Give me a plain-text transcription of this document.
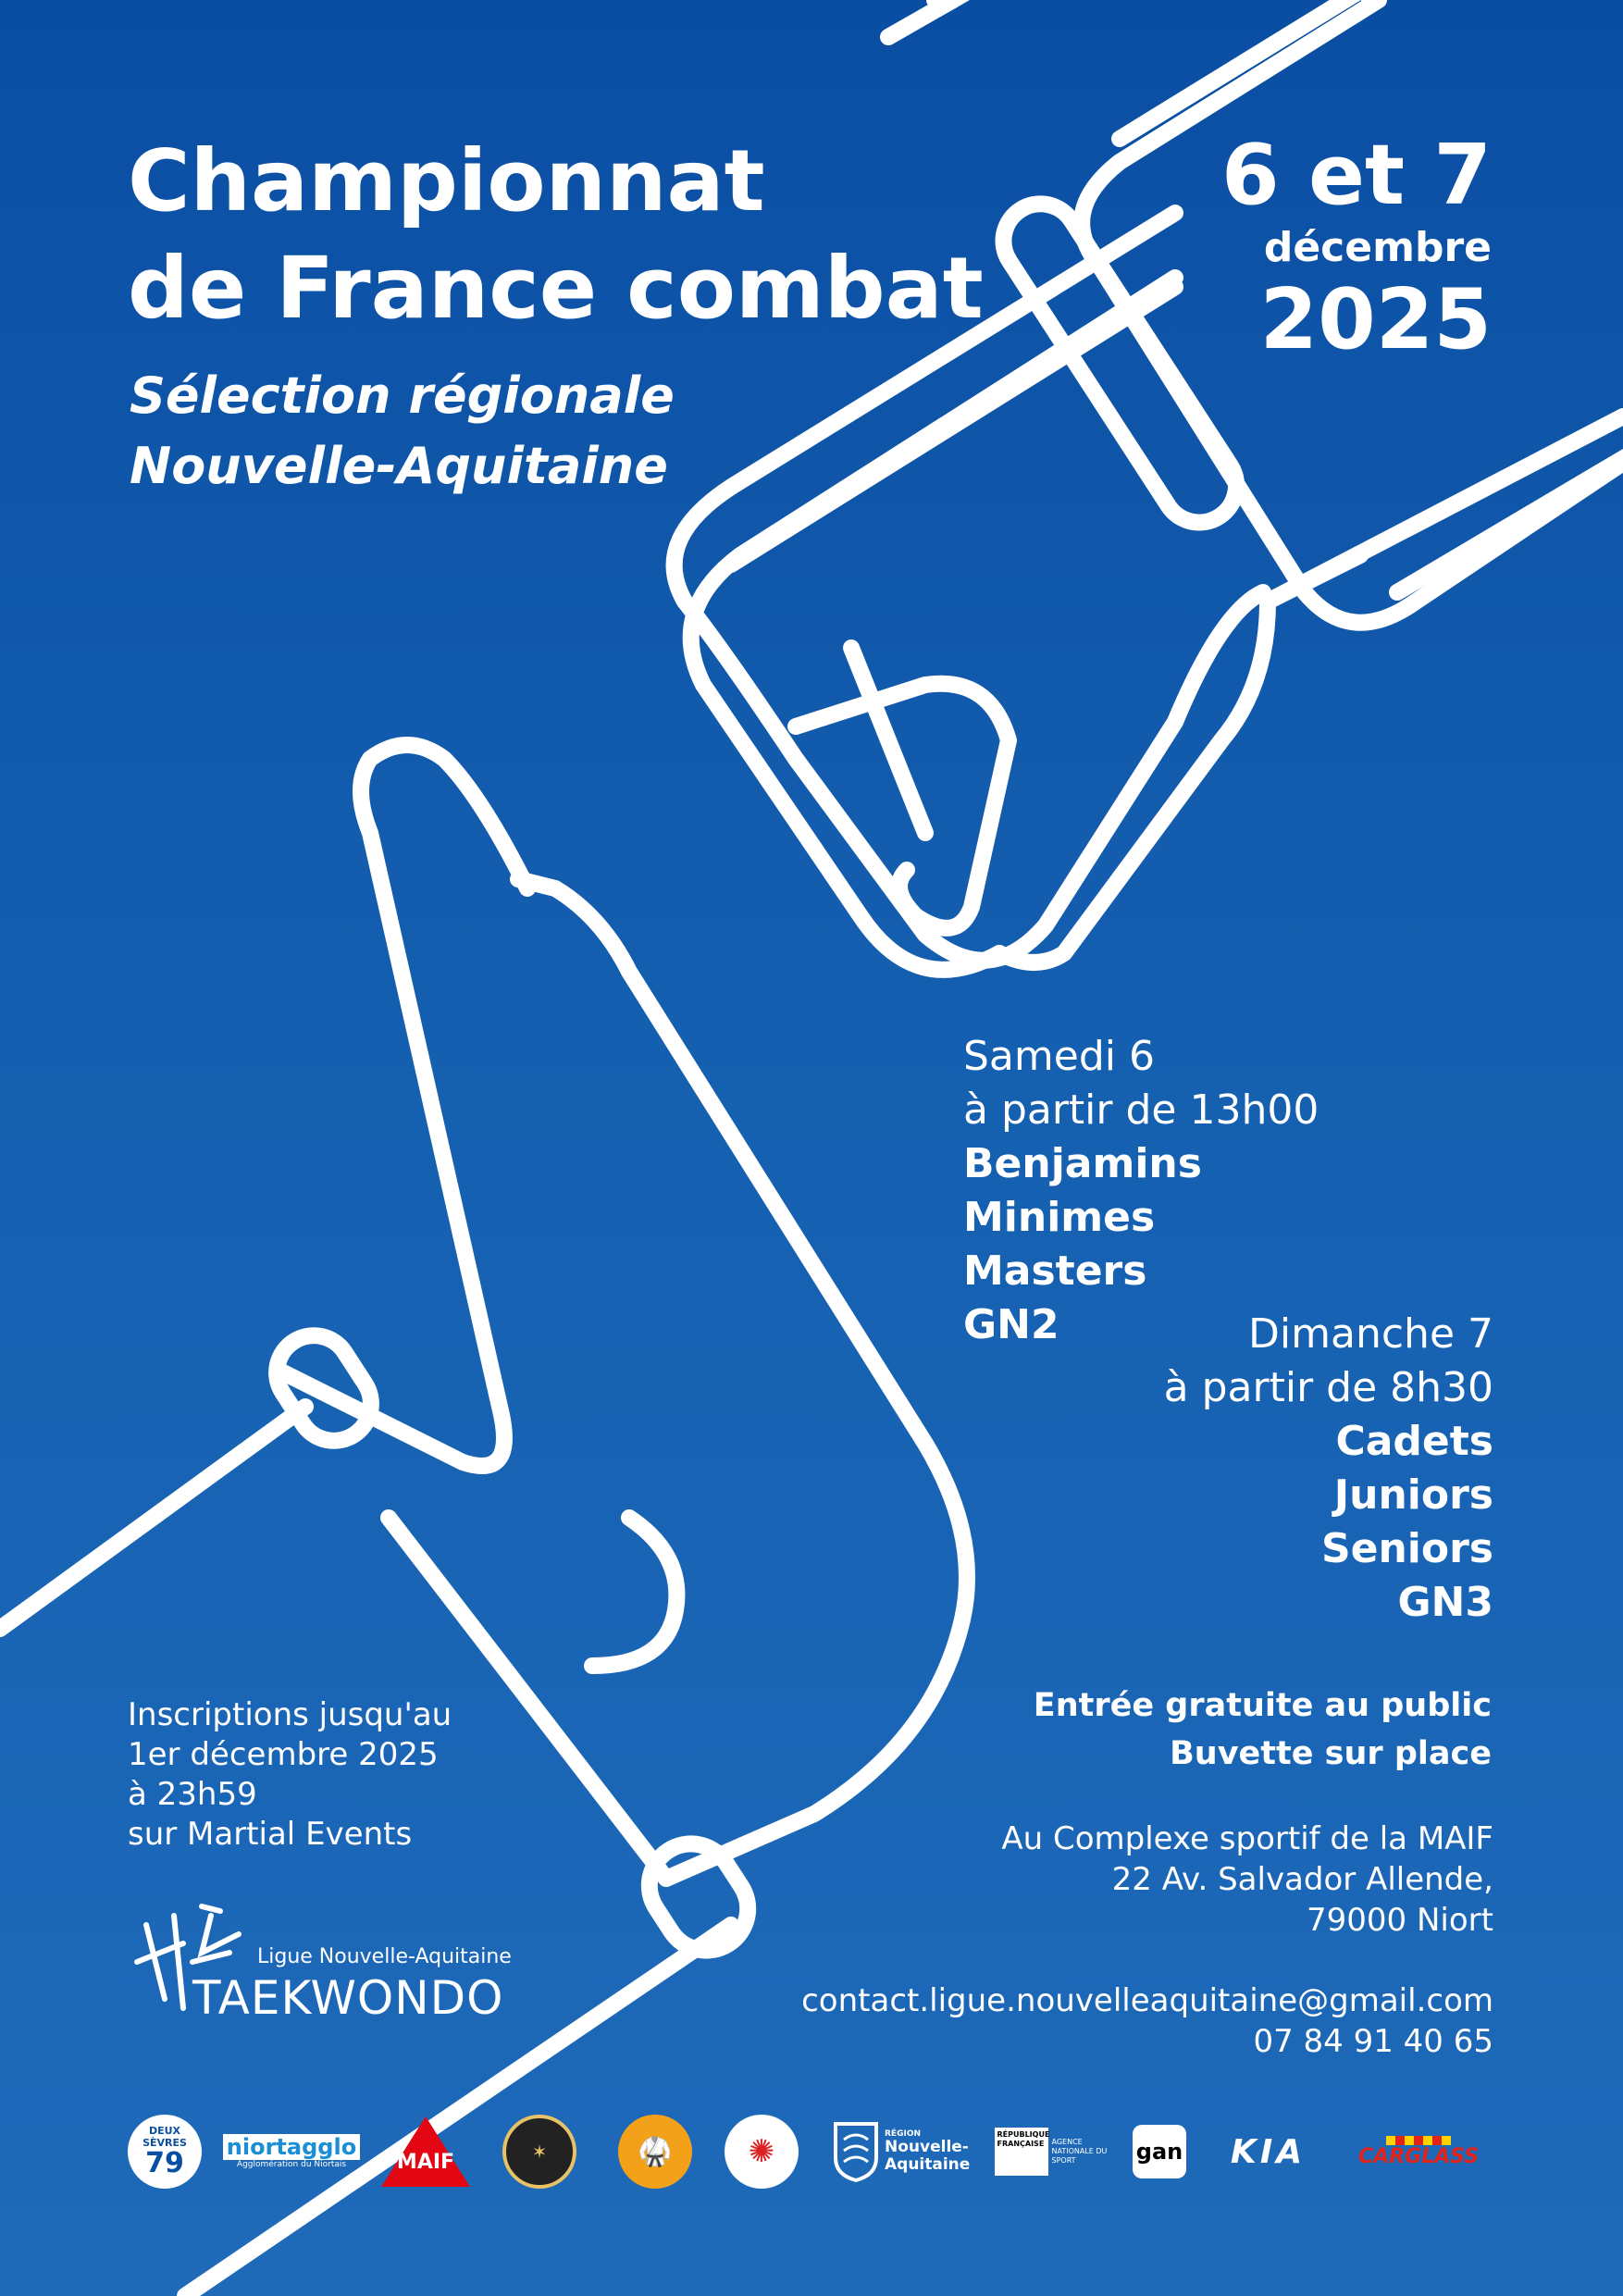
Championnat
de France combat
Sélection régionale
Nouvelle-Aquitaine
6 et 7
décembre
2025
Samedi 6
à partir de 13h00
Benjamins
Minimes
Masters
GN2	Dimanche 7
à partir de 8h30
Cadets
Juniors
Seniors
GN3
Entrée gratuite au public
Buvette sur place
Au Complexe sportif de la MAIF
22 Av. Salvador Allende,
79000 Niort
contact.ligue.nouvelleaquitaine@gmail.com
07 84 91 40 65
Inscriptions jusqu'au
1er décembre 2025
à 23h59
sur Martial Events
Ligue Nouvelle-Aquitaine
TAEKWONDO
DEUX SÈVRES
79 niortagglo
Agglomération du Niortais MAIF	✶	🥋	✺	RÉGION
Nouvelle-Aquitaine
RÉPUBLIQUE FRANÇAISE	AGENCE NATIONALE DU SPORT	gan KIA	CARGLASS
